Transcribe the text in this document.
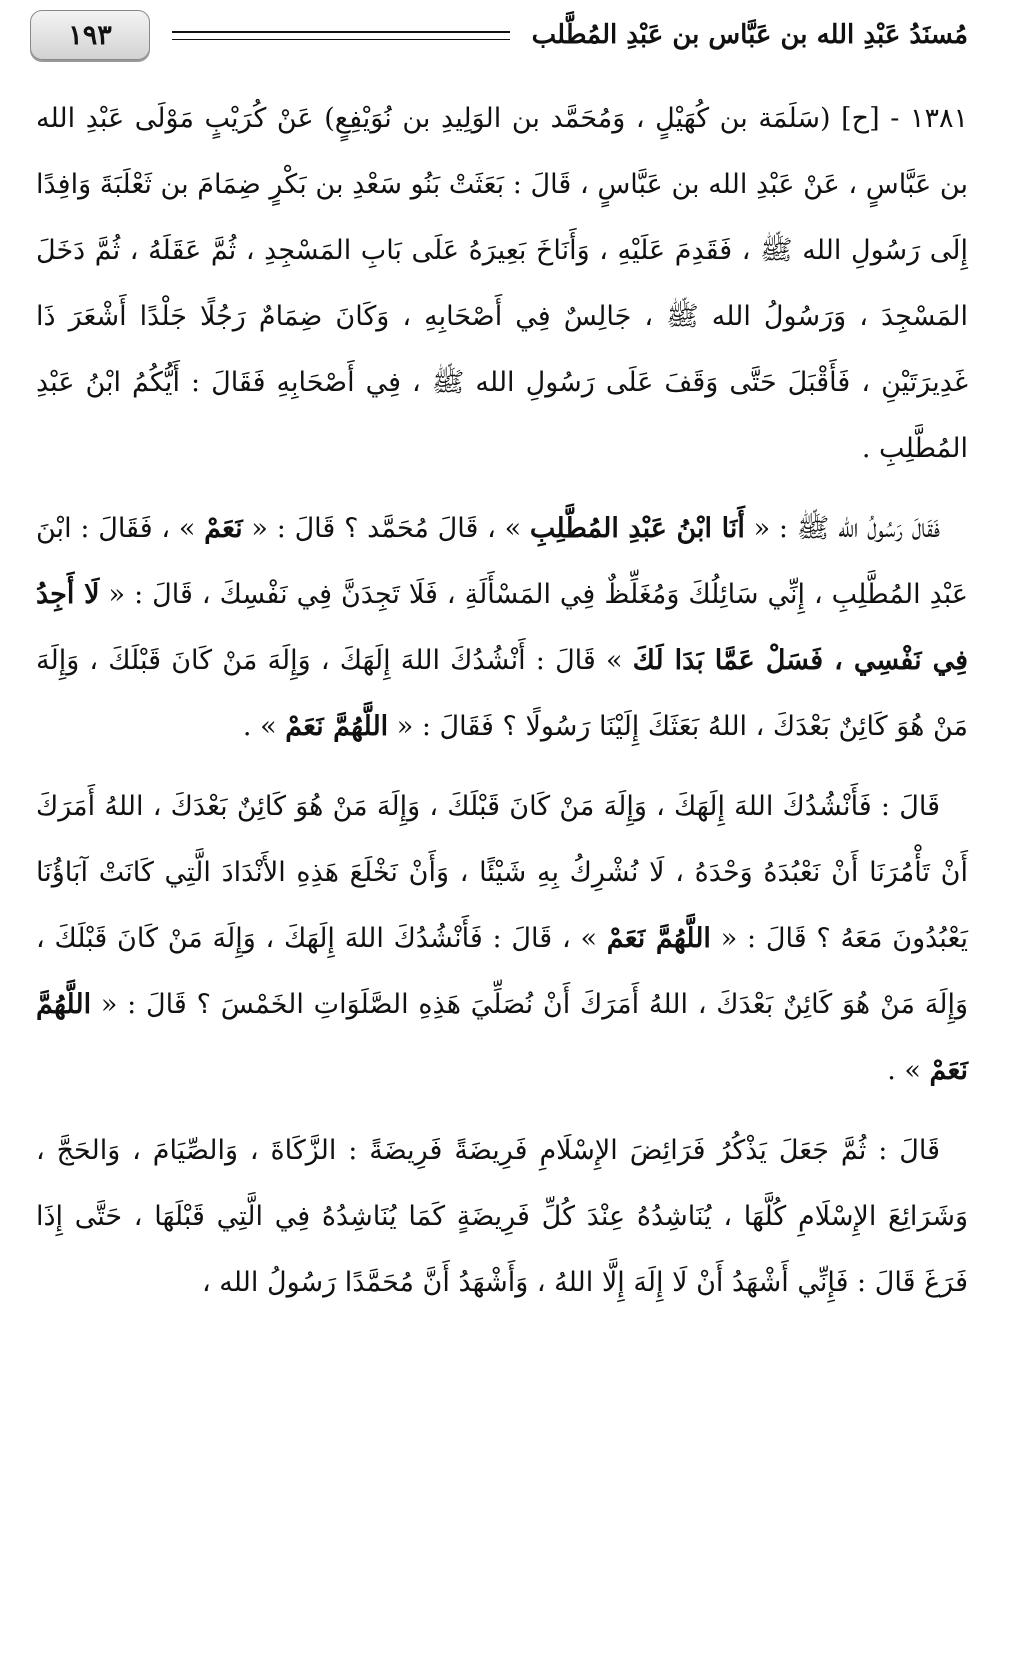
مُسنَدُ عَبْدِ الله بن عَبَّاس بن عَبْدِ المُطَّلب
١٩٣

١٣٨١ - [ح] (سَلَمَة بن كُهَيْلٍ ، وَمُحَمَّد بن الوَلِيدِ بن نُوَيْفِعٍ) عَنْ كُرَيْبٍ مَوْلَى عَبْدِ الله بن عَبَّاسٍ ، عَنْ عَبْدِ الله بن عَبَّاسٍ ، قَالَ : بَعَثَتْ بَنُو سَعْدِ بن بَكْرٍ ضِمَامَ بن ثَعْلَبَةَ وَافِدًا إِلَى رَسُولِ الله ﷺ ، فَقَدِمَ عَلَيْهِ ، وَأَنَاخَ بَعِيرَهُ عَلَى بَابِ المَسْجِدِ ، ثُمَّ عَقَلَهُ ، ثُمَّ دَخَلَ المَسْجِدَ ، وَرَسُولُ الله ﷺ ، جَالِسٌ فِي أَصْحَابِهِ ، وَكَانَ ضِمَامٌ رَجُلًا جَلْدًا أَشْعَرَ ذَا غَدِيرَتَيْنِ ، فَأَقْبَلَ حَتَّى وَقَفَ عَلَى رَسُولِ الله ﷺ ، فِي أَصْحَابِهِ فَقَالَ : أَيُّكُمُ ابْنُ عَبْدِ المُطَّلِبِ .

فَقَالَ رَسُولُ الله ﷺ : « أَنَا ابْنُ عَبْدِ المُطَّلِبِ » ، قَالَ مُحَمَّد ؟ قَالَ : « نَعَمْ » ، فَقَالَ : ابْنَ عَبْدِ المُطَّلِبِ ، إِنِّي سَائِلُكَ وَمُغَلِّظٌ فِي المَسْأَلَةِ ، فَلَا تَجِدَنَّ فِي نَفْسِكَ ، قَالَ : « لَا أَجِدُ فِي نَفْسِي ، فَسَلْ عَمَّا بَدَا لَكَ » قَالَ : أَنْشُدُكَ اللهَ إِلَهَكَ ، وَإِلَهَ مَنْ كَانَ قَبْلَكَ ، وَإِلَهَ مَنْ هُوَ كَائِنٌ بَعْدَكَ ، اللهُ بَعَثَكَ إِلَيْنَا رَسُولًا ؟ فَقَالَ : « اللَّهُمَّ نَعَمْ » .

قَالَ : فَأَنْشُدُكَ اللهَ إِلَهَكَ ، وَإِلَهَ مَنْ كَانَ قَبْلَكَ ، وَإِلَهَ مَنْ هُوَ كَائِنٌ بَعْدَكَ ، اللهُ أَمَرَكَ أَنْ تَأْمُرَنَا أَنْ نَعْبُدَهُ وَحْدَهُ ، لَا نُشْرِكُ بِهِ شَيْئًا ، وَأَنْ نَخْلَعَ هَذِهِ الأَنْدَادَ الَّتِي كَانَتْ آبَاؤُنَا يَعْبُدُونَ مَعَهُ ؟ قَالَ : « اللَّهُمَّ نَعَمْ » ، قَالَ : فَأَنْشُدُكَ اللهَ إِلَهَكَ ، وَإِلَهَ مَنْ كَانَ قَبْلَكَ ، وَإِلَهَ مَنْ هُوَ كَائِنٌ بَعْدَكَ ، اللهُ أَمَرَكَ أَنْ نُصَلِّيَ هَذِهِ الصَّلَوَاتِ الخَمْسَ ؟ قَالَ : « اللَّهُمَّ نَعَمْ » .

قَالَ : ثُمَّ جَعَلَ يَذْكُرُ فَرَائِضَ الإِسْلَامِ فَرِيضَةً فَرِيضَةً : الزَّكَاةَ ، وَالصِّيَامَ ، وَالحَجَّ ، وَشَرَائِعَ الإِسْلَامِ كُلَّهَا ، يُنَاشِدُهُ عِنْدَ كُلِّ فَرِيضَةٍ كَمَا يُنَاشِدُهُ فِي الَّتِي قَبْلَهَا ، حَتَّى إِذَا فَرَغَ قَالَ : فَإِنِّي أَشْهَدُ أَنْ لَا إِلَهَ إِلَّا اللهُ ، وَأَشْهَدُ أَنَّ مُحَمَّدًا رَسُولُ الله ،
